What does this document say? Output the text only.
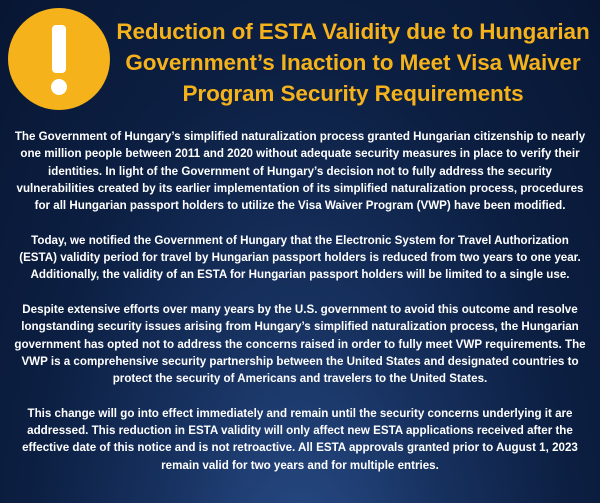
Reduction of ESTA Validity due to Hungarian
Government’s Inaction to Meet Visa Waiver
Program Security Requirements
The Government of Hungary’s simplified naturalization process granted Hungarian citizenship to nearly one million people between 2011 and 2020 without adequate security measures in place to verify their identities. In light of the Government of Hungary’s decision not to fully address the security vulnerabilities created by its earlier implementation of its simplified naturalization process, procedures for all Hungarian passport holders to utilize the Visa Waiver Program (VWP) have been modified.
Today, we notified the Government of Hungary that the Electronic System for Travel Authorization (ESTA) validity period for travel by Hungarian passport holders is reduced from two years to one year. Additionally, the validity of an ESTA for Hungarian passport holders will be limited to a single use.
Despite extensive efforts over many years by the U.S. government to avoid this outcome and resolve longstanding security issues arising from Hungary’s simplified naturalization process, the Hungarian government has opted not to address the concerns raised in order to fully meet VWP requirements. The VWP is a comprehensive security partnership between the United States and designated countries to protect the security of Americans and travelers to the United States.
This change will go into effect immediately and remain until the security concerns underlying it are addressed. This reduction in ESTA validity will only affect new ESTA applications received after the effective date of this notice and is not retroactive. All ESTA approvals granted prior to August 1, 2023 remain valid for two years and for multiple entries.
